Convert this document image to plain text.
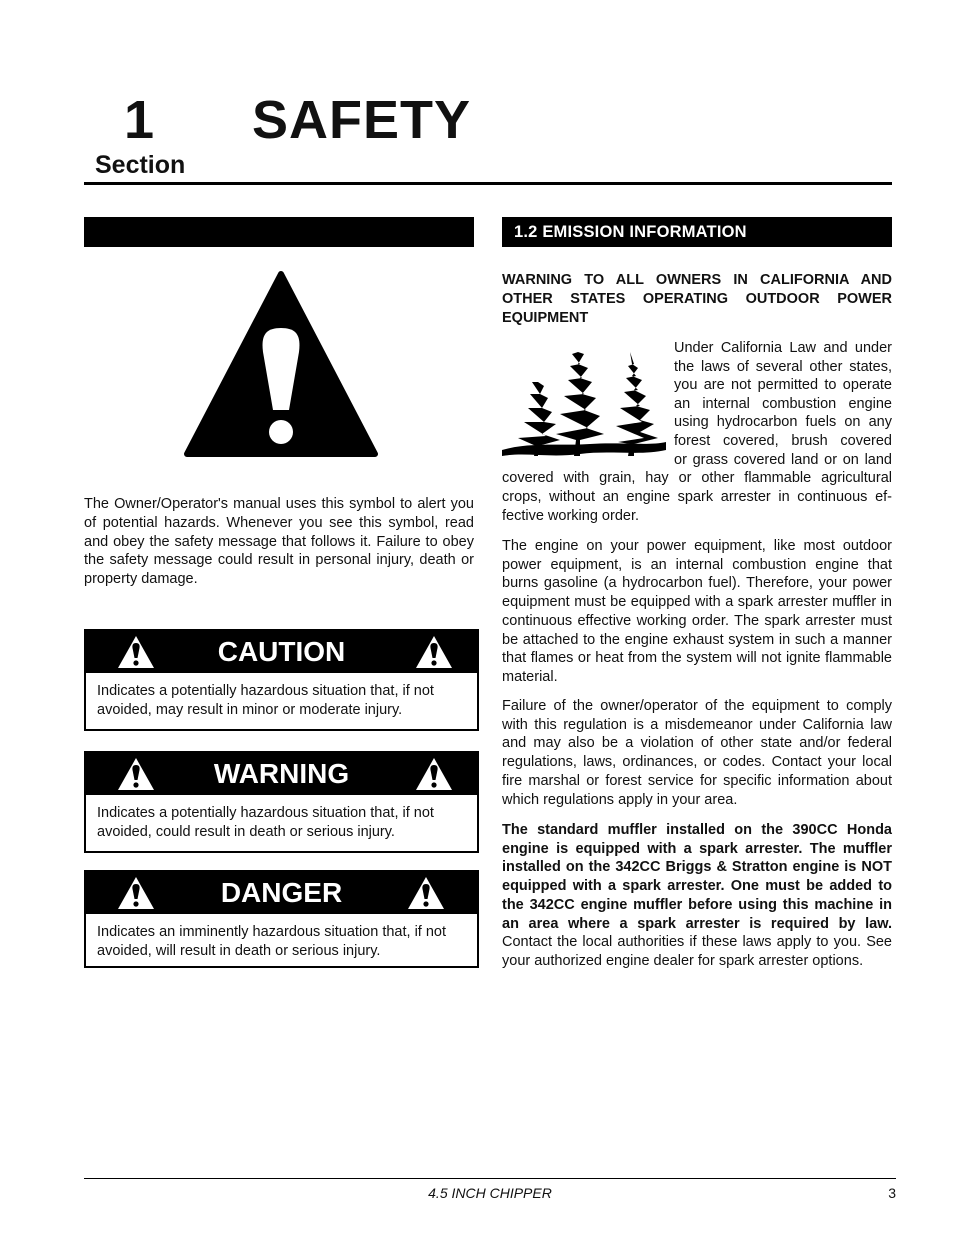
1 SAFETY
Section
The Owner/Operator's manual uses this symbol to alert you of potential hazards. Whenever you see this symbol, read and obey the safety message that follows it. Failure to obey the safety message could result in personal injury, death or property damage.
CAUTION
Indicates a potentially hazardous situation that, if not avoided, may result in minor or moderate injury.
WARNING
Indicates a potentially hazardous situation that, if not avoided, could result in death or serious injury.
DANGER
Indicates an imminently hazardous situation that, if not avoided, will result in death or serious injury.
1.2 EMISSION INFORMATION
WARNING TO ALL OWNERS IN CALIFORNIA AND OTHER STATES OPERATING OUTDOOR POWER EQUIPMENT
Under California Law and under
the laws of several other states,
you are not permitted to operate
an internal combustion engine
using hydrocarbon fuels on any
forest covered, brush covered
or grass covered land or on land
covered with grain, hay or other flammable agricultural
crops, without an engine spark arrester in continuous ef-
fective working order.
The engine on your power equipment, like most outdoor power equipment, is an internal combustion engine that burns gasoline (a hydrocarbon fuel). Therefore, your power equipment must be equipped with a spark arrester muffler in continuous effective working order. The spark arrester must be attached to the engine exhaust system in such a manner that flames or heat from the system will not ignite flammable material.
Failure of the owner/operator of the equipment to comply with this regulation is a misdemeanor under California law and may also be a violation of other state and/or federal regulations, laws, ordinances, or codes. Contact your local fire marshal or forest service for specific information about which regulations apply in your area.
The standard muffler installed on the 390CC Honda engine is equipped with a spark arrester. The muffler installed on the 342CC Briggs & Stratton engine is NOT equipped with a spark arrester. One must be added to the 342CC engine muffler before using this machine in an area where a spark arrester is required by law. Contact the local authorities if these laws apply to you. See your authorized engine dealer for spark arrester options.
4.5 INCH CHIPPER	3
